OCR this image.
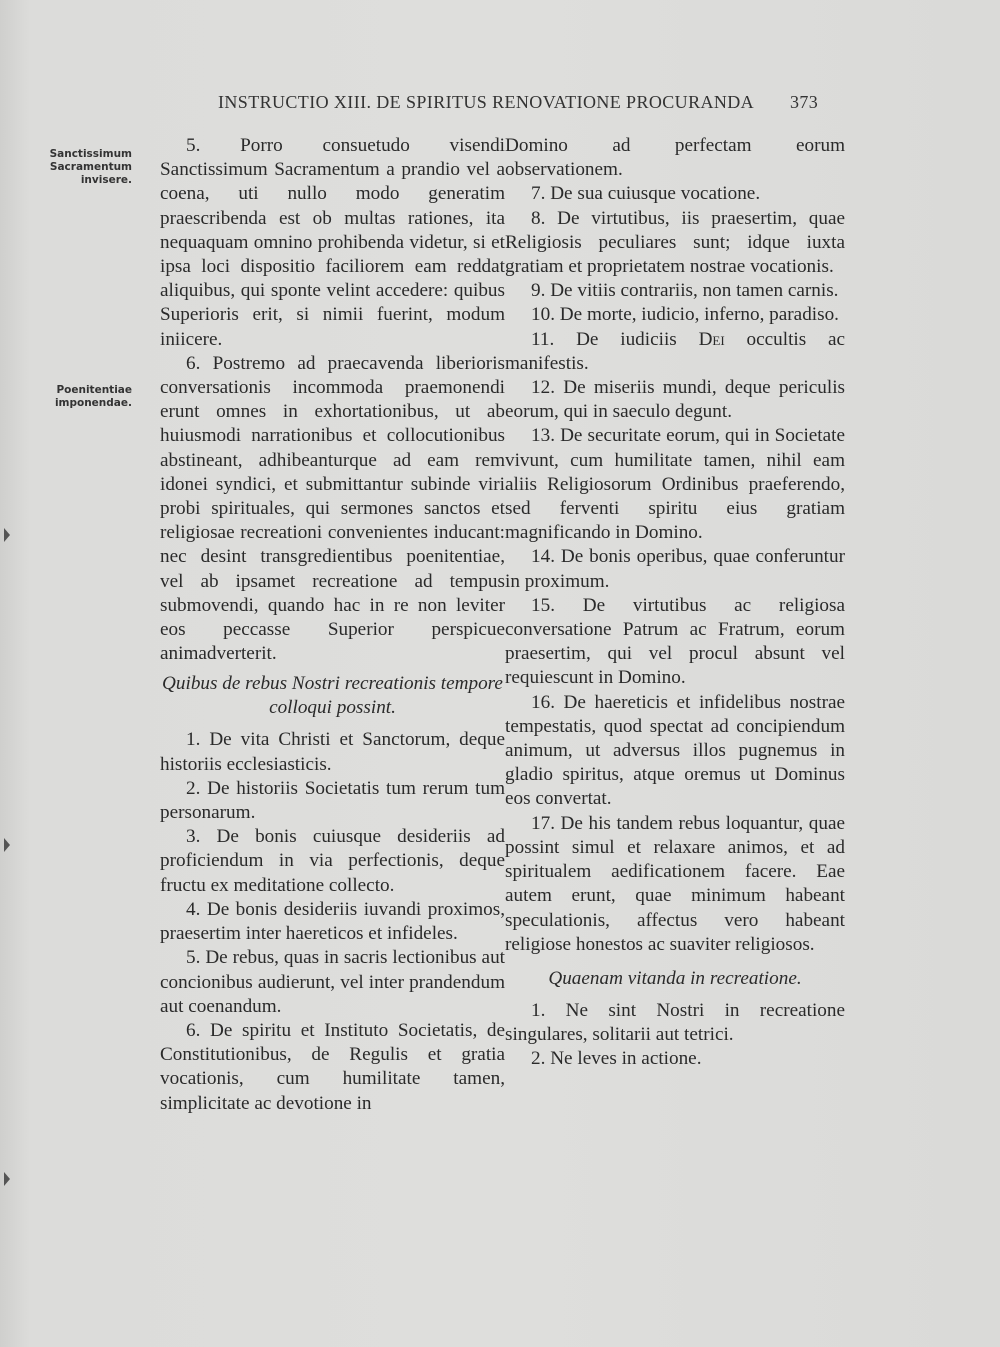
INSTRUCTIO XIII. DE SPIRITUS RENOVATIONE PROCURANDA 373
Sanctissimum Sacramentum invisere.
Poenitentiae imponendae.

5. Porro consuetudo visendi Sanctissimum Sacramentum a prandio vel a coena, uti nullo modo generatim praescribenda est ob multas rationes, ita nequaquam omnino prohibenda videtur, si et ipsa loci dispositio faciliorem eam reddat aliquibus, qui sponte velint accedere: quibus Superioris erit, si nimii fuerint, modum iniicere.

6. Postremo ad praecavenda liberioris conversationis incommoda praemonendi erunt omnes in exhortationibus, ut ab huiusmodi narrationibus et collocutionibus abstineant, adhibeanturque ad eam rem idonei syndici, et submittantur subinde viri probi spirituales, qui sermones sanctos et religiosae recreationi convenientes inducant: nec desint transgredientibus poenitentiae, vel ab ipsamet recreatione ad tempus submovendi, quando hac in re non leviter eos peccasse Superior perspicue animadverterit.

Quibus de rebus Nostri recreationis tempore colloqui possint.

1. De vita Christi et Sanctorum, deque historiis ecclesiasticis.

2. De historiis Societatis tum rerum tum personarum.

3. De bonis cuiusque desideriis ad proficiendum in via perfectionis, deque fructu ex meditatione collecto.

4. De bonis desideriis iuvandi proximos, praesertim inter haereticos et infideles.

5. De rebus, quas in sacris lectionibus aut concionibus audierunt, vel inter prandendum aut coenandum.

6. De spiritu et Instituto Societatis, de Constitutionibus, de Regulis et gratia vocationis, cum humilitate tamen, simplicitate ac devotione in

Domino ad perfectam eorum observationem.

7. De sua cuiusque vocatione.

8. De virtutibus, iis praesertim, quae Religiosis peculiares sunt; idque iuxta gratiam et proprietatem nostrae vocationis.

9. De vitiis contrariis, non tamen carnis.

10. De morte, iudicio, inferno, paradiso.

11. De iudiciis Dei occultis ac manifestis.

12. De miseriis mundi, deque periculis eorum, qui in saeculo degunt.

13. De securitate eorum, qui in Societate vivunt, cum humilitate tamen, nihil eam aliis Religiosorum Ordinibus praeferendo, sed ferventi spiritu eius gratiam magnificando in Domino.

14. De bonis operibus, quae conferuntur in proximum.

15. De virtutibus ac religiosa conversatione Patrum ac Fratrum, eorum praesertim, qui vel procul absunt vel requiescunt in Domino.

16. De haereticis et infidelibus nostrae tempestatis, quod spectat ad concipiendum animum, ut adversus illos pugnemus in gladio spiritus, atque oremus ut Dominus eos convertat.

17. De his tandem rebus loquantur, quae possint simul et relaxare animos, et ad spiritualem aedificationem facere. Eae autem erunt, quae minimum habeant speculationis, affectus vero habeant religiose honestos ac suaviter religiosos.

Quaenam vitanda in recreatione.

1. Ne sint Nostri in recreatione singulares, solitarii aut tetrici.

2. Ne leves in actione.
